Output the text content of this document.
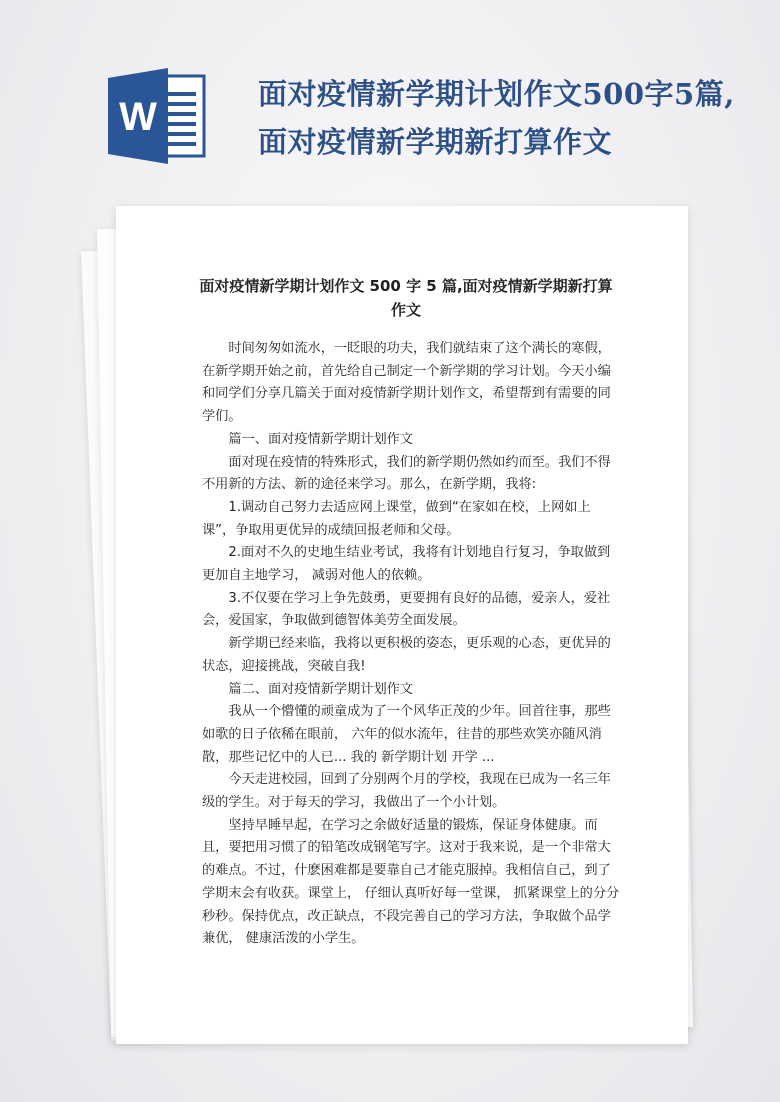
W
面对疫情新学期计划作文500字5篇,面对疫情新学期新打算作文
面对疫情新学期计划作文 500 字 5 篇,面对疫情新学期新打算作文

时间匆匆如流水，一眨眼的功夫，我们就结束了这个满长的寒假，在新学期开始之前，首先给自己制定一个新学期的学习计划。今天小编和同学们分享几篇关于面对疫情新学期计划作文，希望帮到有需要的同学们。

篇一、面对疫情新学期计划作文

面对现在疫情的特殊形式，我们的新学期仍然如约而至。我们不得不用新的方法、新的途径来学习。那么，在新学期，我将:

1.调动自己努力去适应网上课堂，做到“在家如在校，上网如上课”，争取用更优异的成绩回报老师和父母。

2.面对不久的史地生结业考试，我将有计划地自行复习，争取做到更加自主地学习， 减弱对他人的依赖。

3.不仅要在学习上争先鼓勇，更要拥有良好的品德，爱亲人，爱社会，爱国家，争取做到德智体美劳全面发展。

新学期已经来临，我将以更积极的姿态，更乐观的心态，更优异的状态，迎接挑战，突破自我!

篇二、面对疫情新学期计划作文

我从一个懵懂的顽童成为了一个风华正茂的少年。回首往事，那些如歌的日子依稀在眼前， 六年的似水流年，往昔的那些欢笑亦随风消散，那些记忆中的人已... 我的 新学期计划 开学 ...

今天走进校园，回到了分别两个月的学校，我现在已成为一名三年级的学生。对于每天的学习，我做出了一个小计划。

坚持早睡早起，在学习之余做好适量的锻炼，保证身体健康。而且，要把用习惯了的铅笔改成钢笔写字。这对于我来说，是一个非常大的难点。不过，什麽困难都是要靠自己才能克服掉。我相信自己，到了学期末会有收获。课堂上， 仔细认真听好每一堂课， 抓紧课堂上的分分秒秒。保持优点，改正缺点，不段完善自己的学习方法，争取做个品学兼优， 健康活泼的小学生。
